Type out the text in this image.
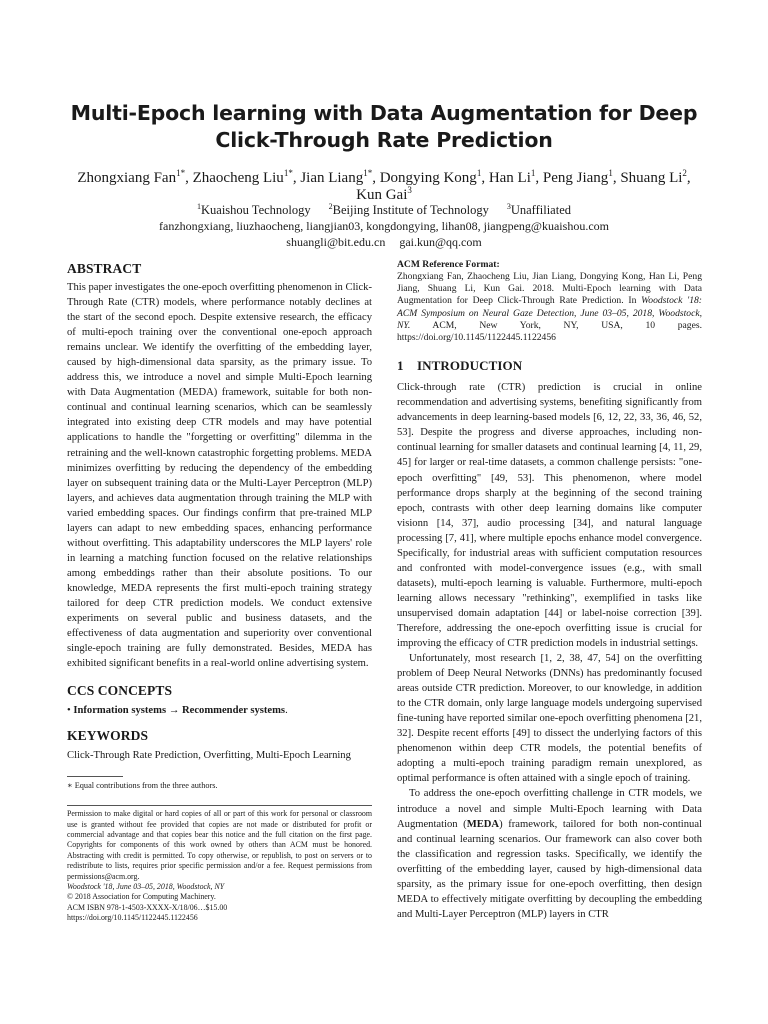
Multi-Epoch learning with Data Augmentation for Deep Click-Through Rate Prediction

Zhongxiang Fan$^{1*}$, Zhaocheng Liu$^{1*}$, Jian Liang$^{1*}$, Dongying Kong$^1$, Han Li$^1$, Peng Jiang$^1$, Shuang Li$^2$, Kun Gai$^3$

$^1$Kuaishou Technology $^2$Beijing Institute of Technology $^3$Unaffiliated
fanzhongxiang, liuzhaocheng, liangjian03, kongdongying, lihan08, jiangpeng@kuaishou.com
shuangli@bit.edu.cn gai.kun@qq.com
ABSTRACT

This paper investigates the one-epoch overfitting phenomenon in Click-Through Rate (CTR) models, where performance notably declines at the start of the second epoch. Despite extensive research, the efficacy of multi-epoch training over the conventional one-epoch approach remains unclear. We identify the overfitting of the embedding layer, caused by high-dimensional data sparsity, as the primary issue. To address this, we introduce a novel and simple Multi-Epoch learning with Data Augmentation (MEDA) framework, suitable for both non-continual and continual learning scenarios, which can be seamlessly integrated into existing deep CTR models and may have potential applications to handle the "forgetting or overfitting" dilemma in the retraining and the well-known catastrophic forgetting problems. MEDA minimizes overfitting by reducing the dependency of the embedding layer on subsequent training data or the Multi-Layer Perceptron (MLP) layers, and achieves data augmentation through training the MLP with varied embedding spaces. Our findings confirm that pre-trained MLP layers can adapt to new embedding spaces, enhancing performance without overfitting. This adaptability underscores the MLP layers' role in learning a matching function focused on the relative relationships among embeddings rather than their absolute positions. To our knowledge, MEDA represents the first multi-epoch training strategy tailored for deep CTR prediction models. We conduct extensive experiments on several public and business datasets, and the effectiveness of data augmentation and superiority over conventional single-epoch training are fully demonstrated. Besides, MEDA has exhibited significant benefits in a real-world online advertising system.

CCS CONCEPTS

• Information systems → Recommender systems.

KEYWORDS

Click-Through Rate Prediction, Overfitting, Multi-Epoch Learning

∗ Equal contributions from the three authors.

Permission to make digital or hard copies of all or part of this work for personal or classroom use is granted without fee provided that copies are not made or distributed for profit or commercial advantage and that copies bear this notice and the full citation on the first page. Copyrights for components of this work owned by others than ACM must be honored. Abstracting with credit is permitted. To copy otherwise, or republish, to post on servers or to redistribute to lists, requires prior specific permission and/or a fee. Request permissions from permissions@acm.org.
Woodstock '18, June 03–05, 2018, Woodstock, NY
© 2018 Association for Computing Machinery.
ACM ISBN 978-1-4503-XXXX-X/18/06…$15.00
https://doi.org/10.1145/1122445.1122456

ACM Reference Format:

Zhongxiang Fan, Zhaocheng Liu, Jian Liang, Dongying Kong, Han Li, Peng Jiang, Shuang Li, Kun Gai. 2018. Multi-Epoch learning with Data Augmentation for Deep Click-Through Rate Prediction. In Woodstock '18: ACM Symposium on Neural Gaze Detection, June 03–05, 2018, Woodstock, NY. ACM, New York, NY, USA, 10 pages. https://doi.org/10.1145/1122445.1122456

1 INTRODUCTION

Click-through rate (CTR) prediction is crucial in online recommendation and advertising systems, benefiting significantly from advancements in deep learning-based models [6, 12, 22, 33, 36, 46, 52, 53]. Despite the progress and diverse approaches, including non-continual learning for smaller datasets and continual learning [4, 11, 29, 45] for larger or real-time datasets, a common challenge persists: "one-epoch overfitting" [49, 53]. This phenomenon, where model performance drops sharply at the beginning of the second training epoch, contrasts with other deep learning domains like computer visionn [14, 37], audio processing [34], and natural language processing [7, 41], where multiple epochs enhance model convergence. Specifically, for industrial areas with sufficient computation resources and confronted with model-convergence issues (e.g., with small datasets), multi-epoch learning is valuable. Furthermore, multi-epoch learning allows necessary "rethinking", exemplified in tasks like unsupervised domain adaptation [44] or label-noise correction [39]. Therefore, addressing the one-epoch overfitting issue is crucial for improving the efficacy of CTR prediction models in industrial settings.

Unfortunately, most research [1, 2, 38, 47, 54] on the overfitting problem of Deep Neural Networks (DNNs) has predominantly focused areas outside CTR prediction. Moreover, to our knowledge, in addition to the CTR domain, only large language models undergoing supervised fine-tuning have reported similar one-epoch overfitting phenomena [21, 32]. Despite recent efforts [49] to dissect the underlying factors of this phenomenon within deep CTR models, the potential benefits of adopting a multi-epoch training paradigm remain unexplored, as optimal performance is often attained with a single epoch of training.

To address the one-epoch overfitting challenge in CTR models, we introduce a novel and simple Multi-Epoch learning with Data Augmentation (MEDA) framework, tailored for both non-continual and continual learning scenarios. Our framework can also cover both the classification and regression tasks. Specifically, we identify the overfitting of the embedding layer, caused by high-dimensional data sparsity, as the primary issue for one-epoch overfitting, then design MEDA to effectively mitigate overfitting by decoupling the embedding and Multi-Layer Perceptron (MLP) layers in CTR
